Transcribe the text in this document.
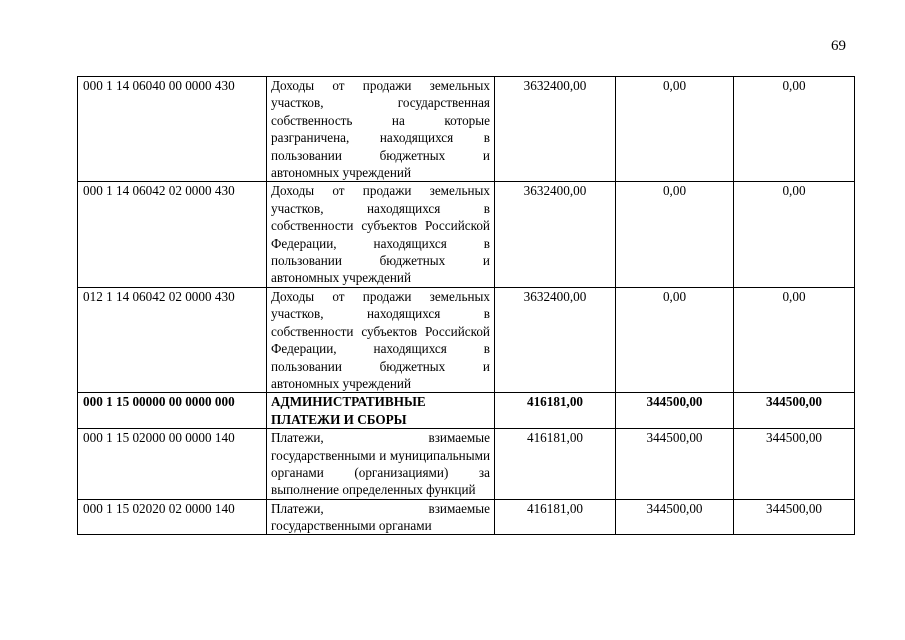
69
000 1 14 06040 00 0000 430	Доходы от продажи земельных участков, государственная собственность на которые разграничена, находящихся в пользовании бюджетных и автономных учреждений	3632400,00	0,00	0,00
000 1 14 06042 02 0000 430	Доходы от продажи земельных участков, находящихся в собственности субъектов Российской Федерации, находящихся в пользовании бюджетных и автономных учреждений	3632400,00	0,00	0,00
012 1 14 06042 02 0000 430	Доходы от продажи земельных участков, находящихся в собственности субъектов Российской Федерации, находящихся в пользовании бюджетных и автономных учреждений	3632400,00	0,00	0,00
000 1 15 00000 00 0000 000	АДМИНИСТРАТИВНЫЕ ПЛАТЕЖИ И СБОРЫ	416181,00	344500,00	344500,00
000 1 15 02000 00 0000 140	Платежи, взимаемые государственными и муниципальными органами (организациями) за выполнение определенных функций	416181,00	344500,00	344500,00
000 1 15 02020 02 0000 140	Платежи, взимаемые государственными органами	416181,00	344500,00	344500,00
